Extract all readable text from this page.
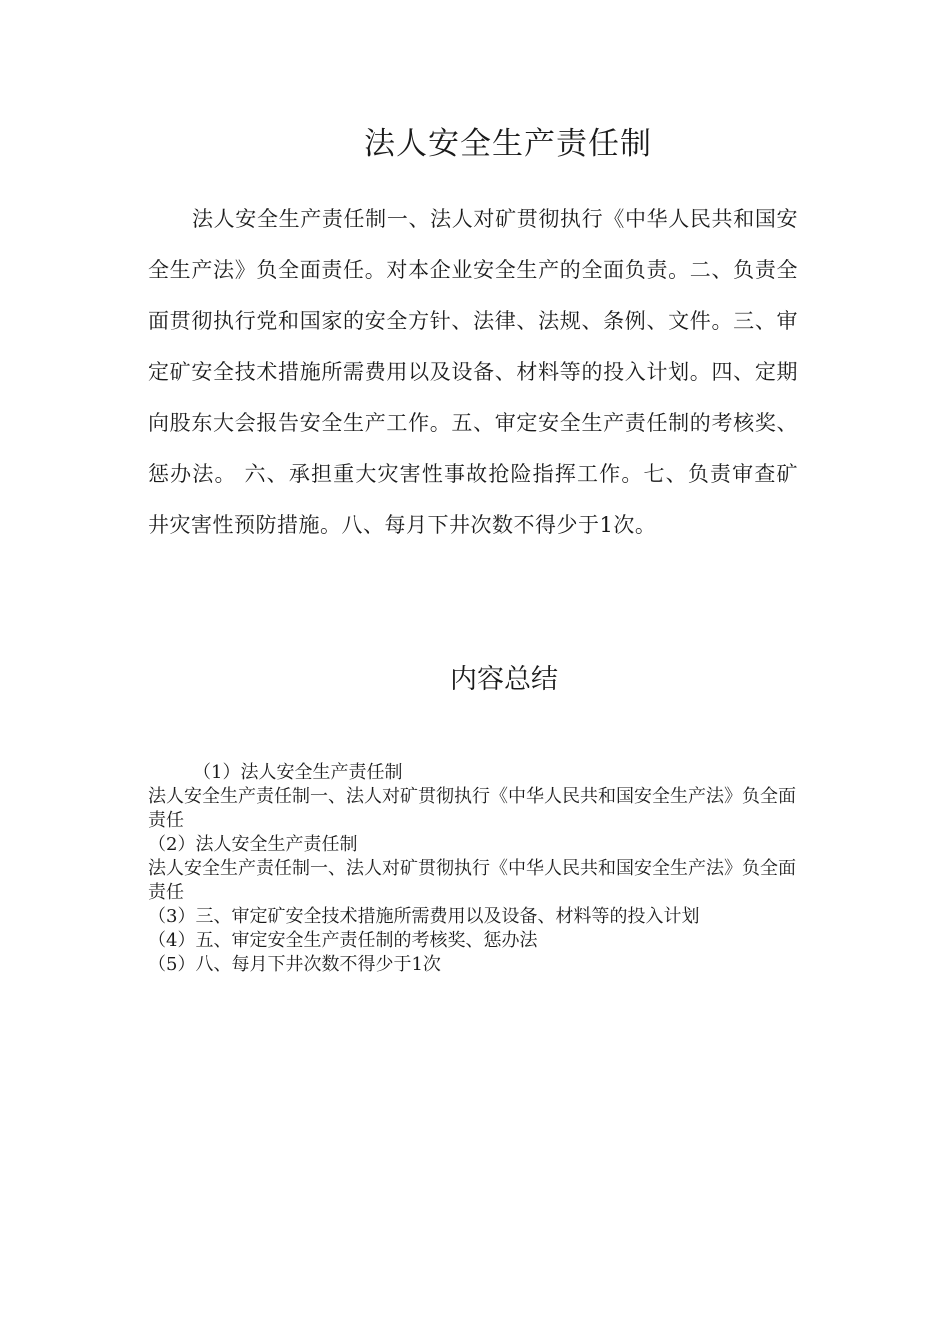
法人安全生产责任制

法人安全生产责任制一、法人对矿贯彻执行《中华人民共和国安全生产法》负全面责任。对本企业安全生产的全面负责。二、负责全面贯彻执行党和国家的安全方针、法律、法规、条例、文件。三、审定矿安全技术措施所需费用以及设备、材料等的投入计划。四、定期向股东大会报告安全生产工作。五、审定安全生产责任制的考核奖、惩办法。 六、承担重大灾害性事故抢险指挥工作。七、负责审查矿井灾害性预防措施。八、每月下井次数不得少于1次。

内容总结
（1）法人安全生产责任制
法人安全生产责任制一、法人对矿贯彻执行《中华人民共和国安全生产法》负全面责任
（2）法人安全生产责任制
法人安全生产责任制一、法人对矿贯彻执行《中华人民共和国安全生产法》负全面责任
（3）三、审定矿安全技术措施所需费用以及设备、材料等的投入计划
（4）五、审定安全生产责任制的考核奖、惩办法
（5）八、每月下井次数不得少于1次
